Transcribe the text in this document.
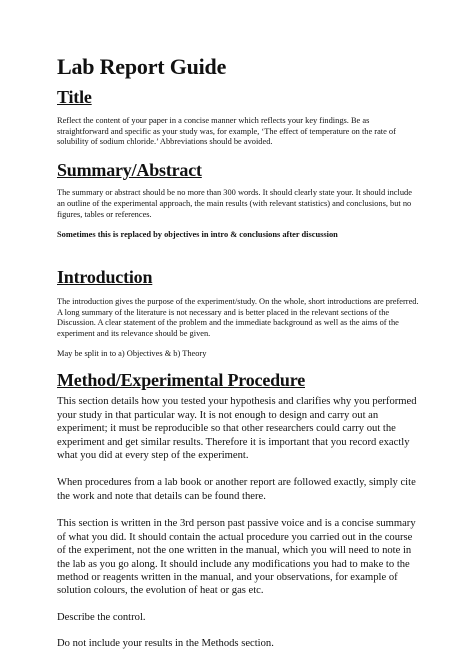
Lab Report Guide
Title

Reflect the content of your paper in a concise manner which reflects your key findings. Be as straightforward and specific as your study was, for example, ‘The effect of temperature on the rate of solubility of sodium chloride.’ Abbreviations should be avoided.

Summary/Abstract

The summary or abstract should be no more than 300 words. It should clearly state your. It should include an outline of the experimental approach, the main results (with relevant statistics) and conclusions, but no figures, tables or references.

Sometimes this is replaced by objectives in intro & conclusions after discussion

Introduction

The introduction gives the purpose of the experiment/study. On the whole, short introductions are preferred. A long summary of the literature is not necessary and is better placed in the relevant sections of the Discussion. A clear statement of the problem and the immediate background as well as the aims of the experiment and its relevance should be given.

May be split in to a) Objectives & b) Theory

Method/Experimental Procedure

This section details how you tested your hypothesis and clarifies why you performed your study in that particular way. It is not enough to design and carry out an experiment; it must be reproducible so that other researchers could carry out the experiment and get similar results. Therefore it is important that you record exactly what you did at every step of the experiment.

When procedures from a lab book or another report are followed exactly, simply cite the work and note that details can be found there.

This section is written in the 3rd person past passive voice and is a concise summary of what you did. It should contain the actual procedure you carried out in the course of the experiment, not the one written in the manual, which you will need to note in the lab as you go along. It should include any modifications you had to make to the method or reagents written in the manual, and your observations, for example of solution colours, the evolution of heat or gas etc.

Describe the control.

Do not include your results in the Methods section.
